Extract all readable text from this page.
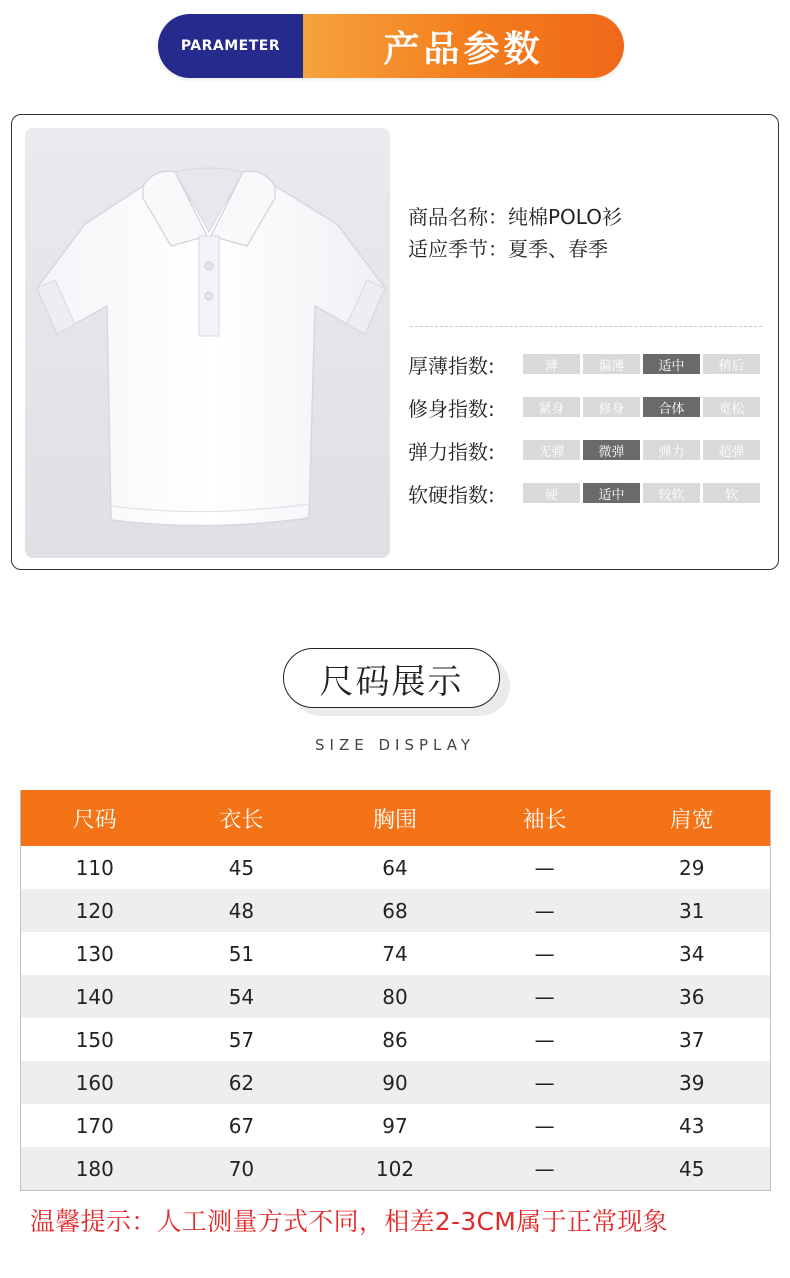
PARAMETER	产品参数
商品名称：纯棉POLO衫
适应季节：夏季、春季
厚薄指数:	薄	偏薄	适中	稍后
修身指数:	紧身	修身	合体	宽松
弹力指数:	无弹	微弹	弹力	超弹
软硬指数:	硬	适中	较软	软
尺码展示
SIZE DISPLAY
尺码	衣长	胸围	袖长	肩宽
110	45	64	—	29
120	48	68	—	31
130	51	74	—	34
140	54	80	—	36
150	57	86	—	37
160	62	90	—	39
170	67	97	—	43
180	70	102	—	45
温馨提示：人工测量方式不同，相差2-3CM属于正常现象
